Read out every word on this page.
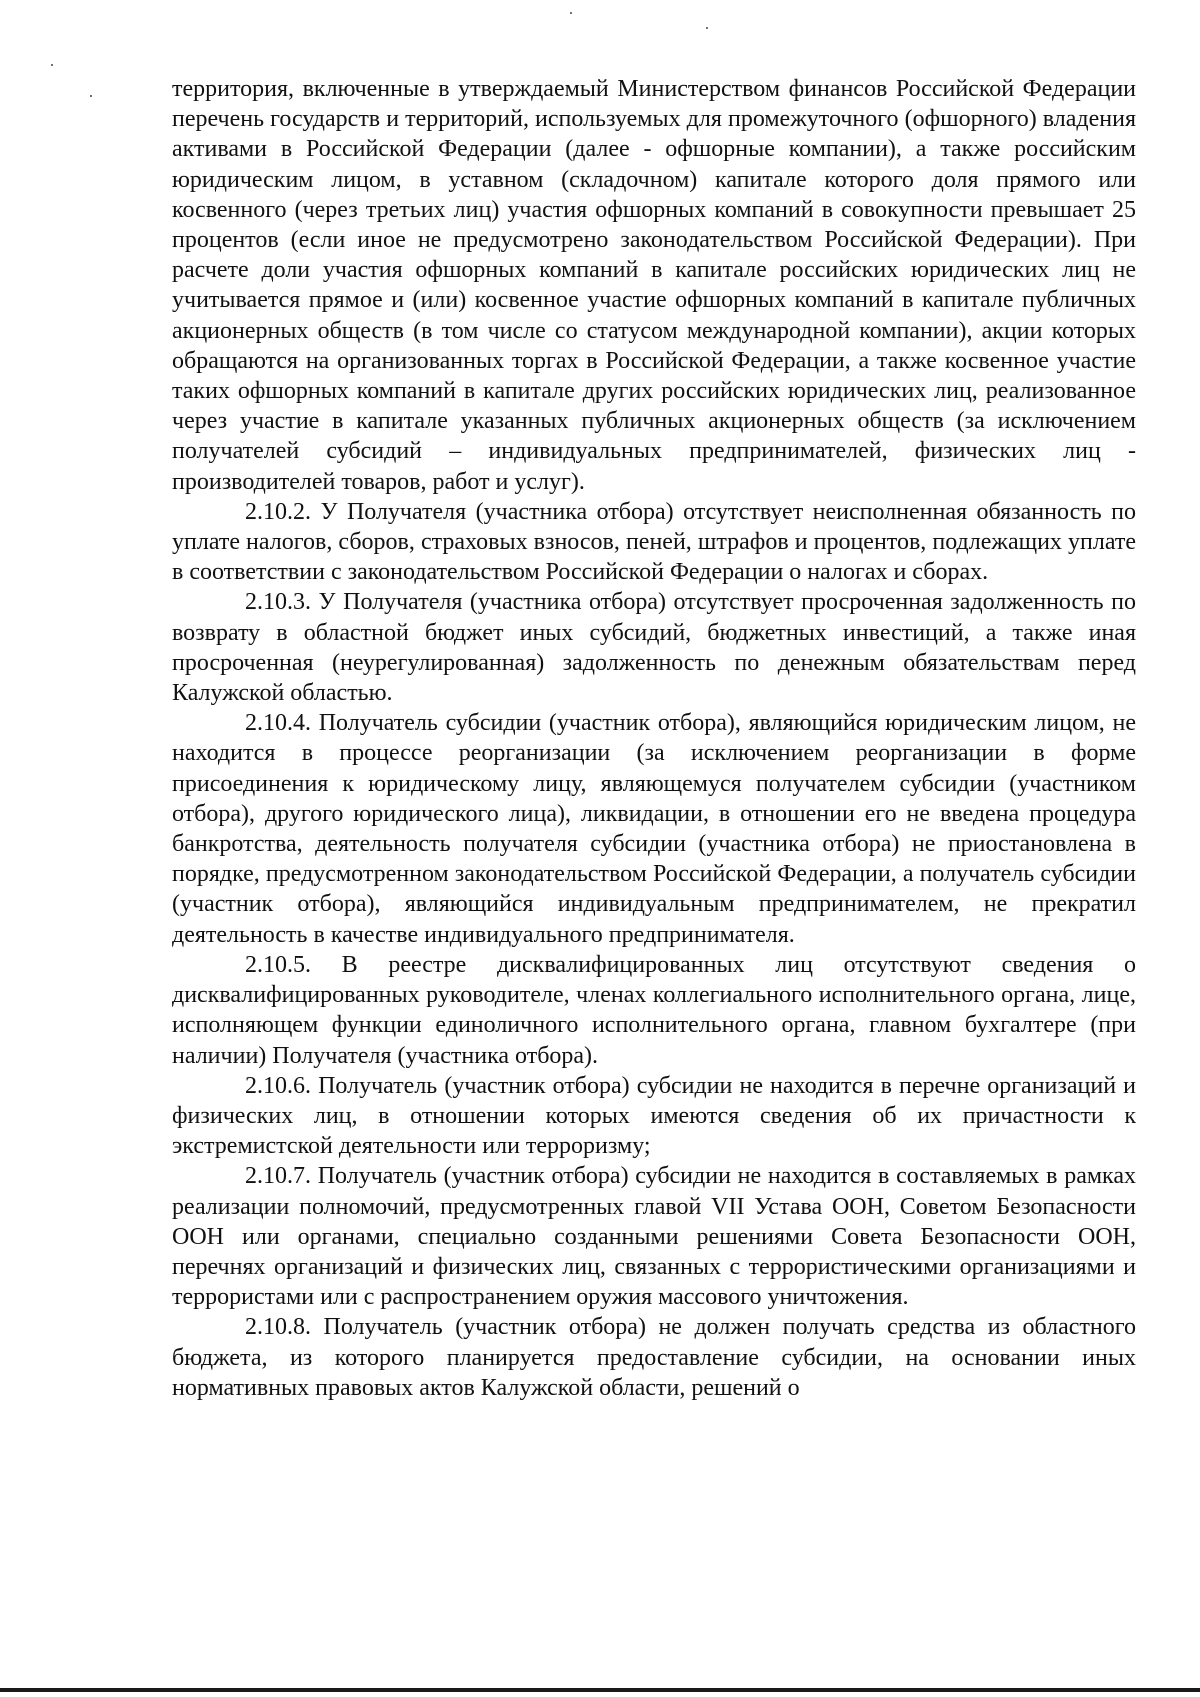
территория, включенные в утверждаемый Министерством финансов Российской Федерации перечень государств и территорий, используемых для промежуточного (офшорного) владения активами в Российской Федерации (далее - офшорные компании), а также российским юридическим лицом, в уставном (складочном) капитале которого доля прямого или косвенного (через третьих лиц) участия офшорных компаний в совокупности превышает 25 процентов (если иное не предусмотрено законодательством Российской Федерации). При расчете доли участия офшорных компаний в капитале российских юридических лиц не учитывается прямое и (или) косвенное участие офшорных компаний в капитале публичных акционерных обществ (в том числе со статусом международной компании), акции которых обращаются на организованных торгах в Российской Федерации, а также косвенное участие таких офшорных компаний в капитале других российских юридических лиц, реализованное через участие в капитале указанных публичных акционерных обществ (за исключением получателей субсидий – индивидуальных предпринимателей, физических лиц - производителей товаров, работ и услуг).

2.10.2. У Получателя (участника отбора) отсутствует неисполненная обязанность по уплате налогов, сборов, страховых взносов, пеней, штрафов и процентов, подлежащих уплате в соответствии с законодательством Российской Федерации о налогах и сборах.

2.10.3. У Получателя (участника отбора) отсутствует просроченная задолженность по возврату в областной бюджет иных субсидий, бюджетных инвестиций, а также иная просроченная (неурегулированная) задолженность по денежным обязательствам перед Калужской областью.

2.10.4. Получатель субсидии (участник отбора), являющийся юридическим лицом, не находится в процессе реорганизации (за исключением реорганизации в форме присоединения к юридическому лицу, являющемуся получателем субсидии (участником отбора), другого юридического лица), ликвидации, в отношении его не введена процедура банкротства, деятельность получателя субсидии (участника отбора) не приостановлена в порядке, предусмотренном законодательством Российской Федерации, а получатель субсидии (участник отбора), являющийся индивидуальным предпринимателем, не прекратил деятельность в качестве индивидуального предпринимателя.

2.10.5. В реестре дисквалифицированных лиц отсутствуют сведения о дисквалифицированных руководителе, членах коллегиального исполнительного органа, лице, исполняющем функции единоличного исполнительного органа, главном бухгалтере (при наличии) Получателя (участника отбора).

2.10.6. Получатель (участник отбора) субсидии не находится в перечне организаций и физических лиц, в отношении которых имеются сведения об их причастности к экстремистской деятельности или терроризму;

2.10.7. Получатель (участник отбора) субсидии не находится в составляемых в рамках реализации полномочий, предусмотренных главой VII Устава ООН, Советом Безопасности ООН или органами, специально созданными решениями Совета Безопасности ООН, перечнях организаций и физических лиц, связанных с террористическими организациями и террористами или с распространением оружия массового уничтожения.

2.10.8. Получатель (участник отбора) не должен получать средства из областного бюджета, из которого планируется предоставление субсидии, на основании иных нормативных правовых актов Калужской области, решений о
